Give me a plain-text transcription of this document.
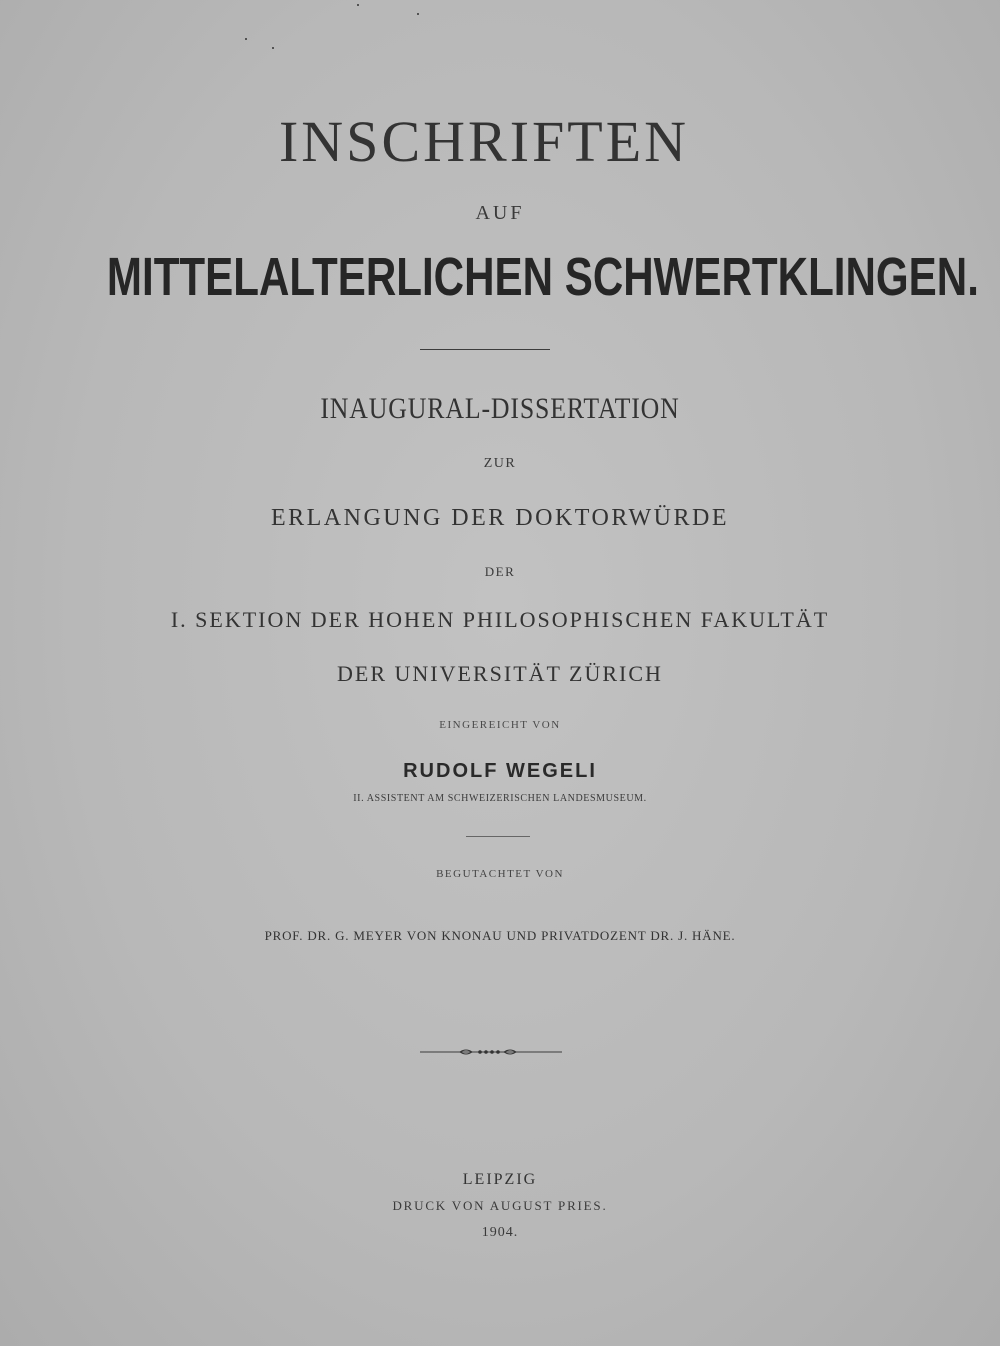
INSCHRIFTEN
AUF
MITTELALTERLICHEN SCHWERTKLINGEN.
INAUGURAL-DISSERTATION
ZUR
ERLANGUNG DER DOKTORWÜRDE
DER
I. SEKTION DER HOHEN PHILOSOPHISCHEN FAKULTÄT
DER UNIVERSITÄT ZÜRICH
EINGEREICHT VON
RUDOLF WEGELI
II. ASSISTENT AM SCHWEIZERISCHEN LANDESMUSEUM.
BEGUTACHTET VON
PROF. DR. G. MEYER VON KNONAU UND PRIVATDOZENT DR. J. HÄNE.
LEIPZIG
DRUCK VON AUGUST PRIES.
1904.
